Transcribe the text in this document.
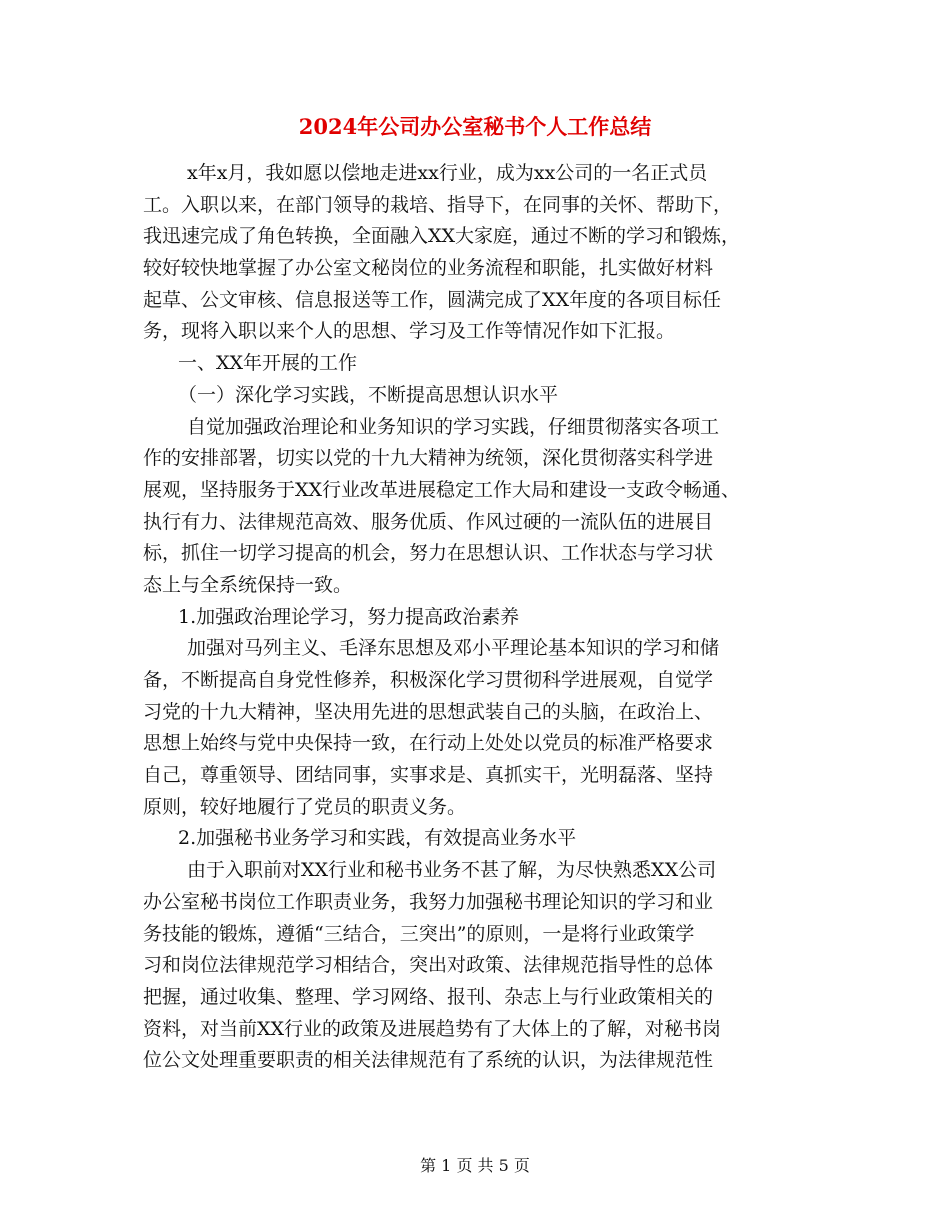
2024年公司办公室秘书个人工作总结
x年x月，我如愿以偿地走进xx行业，成为xx公司的一名正式员
工。入职以来，在部门领导的栽培、指导下，在同事的关怀、帮助下，
我迅速完成了角色转换，全面融入XX大家庭，通过不断的学习和锻炼，
较好较快地掌握了办公室文秘岗位的业务流程和职能，扎实做好材料
起草、公文审核、信息报送等工作，圆满完成了XX年度的各项目标任
务，现将入职以来个人的思想、学习及工作等情况作如下汇报。
一、XX年开展的工作
（一）深化学习实践，不断提高思想认识水平
自觉加强政治理论和业务知识的学习实践，仔细贯彻落实各项工
作的安排部署，切实以党的十九大精神为统领，深化贯彻落实科学进
展观，坚持服务于XX行业改革进展稳定工作大局和建设一支政令畅通、
执行有力、法律规范高效、服务优质、作风过硬的一流队伍的进展目
标，抓住一切学习提高的机会，努力在思想认识、工作状态与学习状
态上与全系统保持一致。
1.加强政治理论学习，努力提高政治素养
加强对马列主义、毛泽东思想及邓小平理论基本知识的学习和储
备，不断提高自身党性修养，积极深化学习贯彻科学进展观，自觉学
习党的十九大精神，坚决用先进的思想武装自己的头脑，在政治上、
思想上始终与党中央保持一致，在行动上处处以党员的标准严格要求
自己，尊重领导、团结同事，实事求是、真抓实干，光明磊落、坚持
原则，较好地履行了党员的职责义务。
2.加强秘书业务学习和实践，有效提高业务水平
由于入职前对XX行业和秘书业务不甚了解，为尽快熟悉XX公司
办公室秘书岗位工作职责业务，我努力加强秘书理论知识的学习和业
务技能的锻炼，遵循“三结合，三突出”的原则，一是将行业政策学
习和岗位法律规范学习相结合，突出对政策、法律规范指导性的总体
把握，通过收集、整理、学习网络、报刊、杂志上与行业政策相关的
资料，对当前XX行业的政策及进展趋势有了大体上的了解，对秘书岗
位公文处理重要职责的相关法律规范有了系统的认识，为法律规范性
第 1 页 共 5 页
